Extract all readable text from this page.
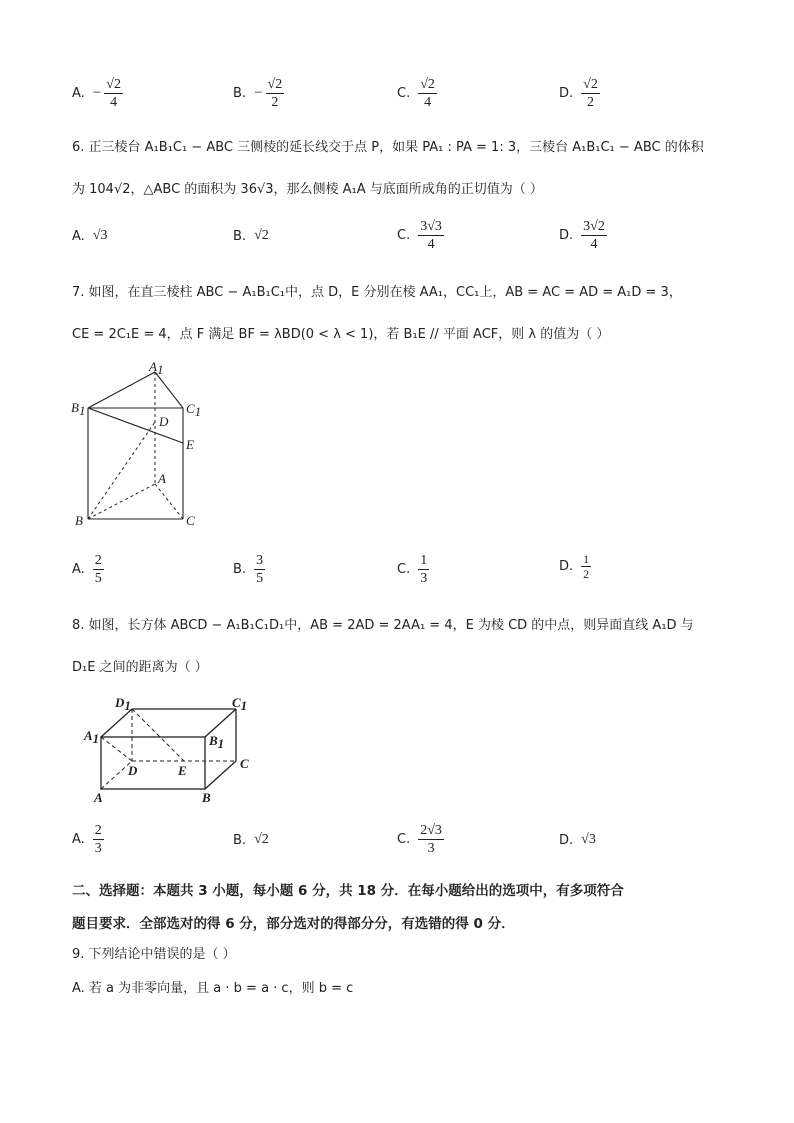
A. − $\frac{√2}{4}$	B. − $\frac{√2}{2}$	C. $\frac{√2}{4}$	D. $\frac{√2}{2}$
6. 正三棱台 A₁B₁C₁ − ABC 三侧棱的延长线交于点 P，如果 PA₁ : PA = 1: 3，三棱台 A₁B₁C₁ − ABC 的体积
为 104√2，△ABC 的面积为 36√3，那么侧棱 A₁A 与底面所成角的正切值为（ ）
A. √3	B. √2	C. $\frac{3√3}{4}$	D. $\frac{3√2}{4}$
7. 如图，在直三棱柱 ABC − A₁B₁C₁中，点 D，E 分别在棱 AA₁，CC₁上，AB = AC = AD = A₁D = 3，
CE = 2C₁E = 4，点 F 满足 BF = λBD(0 < λ < 1)，若 B₁E // 平面 ACF，则 λ 的值为（ ）
A1
B1	C1
D
E
A
B	C
A. $\frac{2}{5}$	B. $\frac{3}{5}$	C. $\frac{1}{3}$	D. $\frac{1}{2}$
8. 如图，长方体 ABCD − A₁B₁C₁D₁中，AB = 2AD = 2AA₁ = 4，E 为棱 CD 的中点，则异面直线 A₁D 与
D₁E 之间的距离为（ ）
D1	C1
A1	B1
D	E	C
A	B
A. $\frac{2}{3}$	B. √2	C. $\frac{2√3}{3}$	D. √3
二、选择题：本题共 3 小题，每小题 6 分，共 18 分．在每小题给出的选项中，有多项符合
题目要求．全部选对的得 6 分，部分选对的得部分分，有选错的得 0 分．
9. 下列结论中错误的是（ ）
A. 若 a 为非零向量，且 a · b = a · c，则 b = c
